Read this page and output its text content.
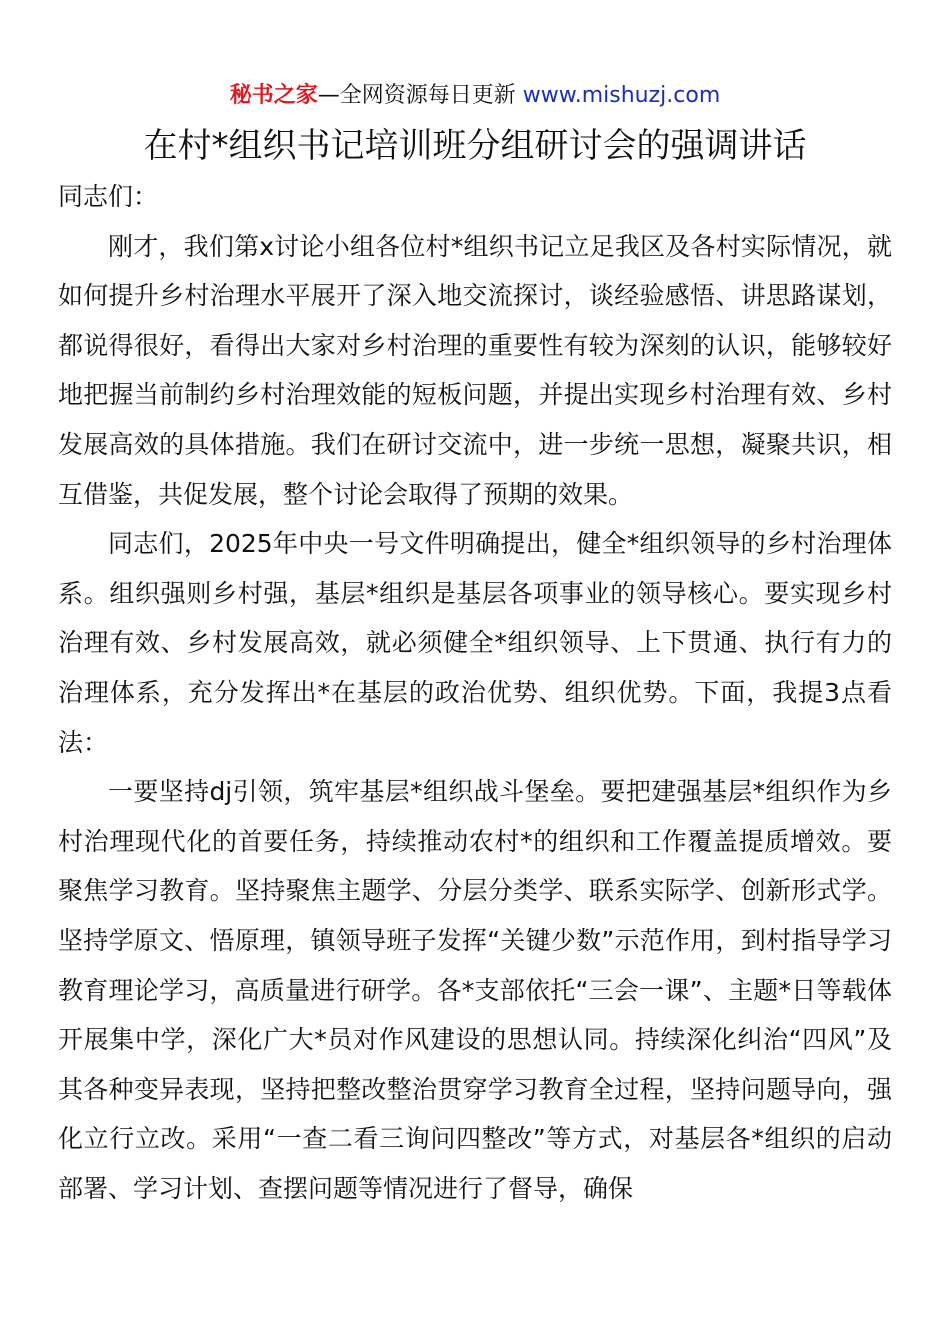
秘书之家—全网资源每日更新 www.mishuzj.com
在村*组织书记培训班分组研讨会的强调讲话

同志们：

刚才，我们第x讨论小组各位村*组织书记立足我区及各村实际情况，就如何提升乡村治理水平展开了深入地交流探讨，谈经验感悟、讲思路谋划，都说得很好，看得出大家对乡村治理的重要性有较为深刻的认识，能够较好地把握当前制约乡村治理效能的短板问题，并提出实现乡村治理有效、乡村发展高效的具体措施。我们在研讨交流中，进一步统一思想，凝聚共识，相互借鉴，共促发展，整个讨论会取得了预期的效果。

同志们，2025年中央一号文件明确提出，健全*组织领导的乡村治理体系。组织强则乡村强，基层*组织是基层各项事业的领导核心。要实现乡村治理有效、乡村发展高效，就必须健全*组织领导、上下贯通、执行有力的治理体系，充分发挥出*在基层的政治优势、组织优势。下面，我提3点看法：

一要坚持dj引领，筑牢基层*组织战斗堡垒。要把建强基层*组织作为乡村治理现代化的首要任务，持续推动农村*的组织和工作覆盖提质增效。要聚焦学习教育。坚持聚焦主题学、分层分类学、联系实际学、创新形式学。坚持学原文、悟原理，镇领导班子发挥“关键少数”示范作用，到村指导学习教育理论学习，高质量进行研学。各*支部依托“三会一课”、主题*日等载体开展集中学，深化广大*员对作风建设的思想认同。持续深化纠治“四风”及其各种变异表现，坚持把整改整治贯穿学习教育全过程，坚持问题导向，强化立行立改。采用“一查二看三询问四整改”等方式，对基层各*组织的启动部署、学习计划、查摆问题等情况进行了督导，确保
